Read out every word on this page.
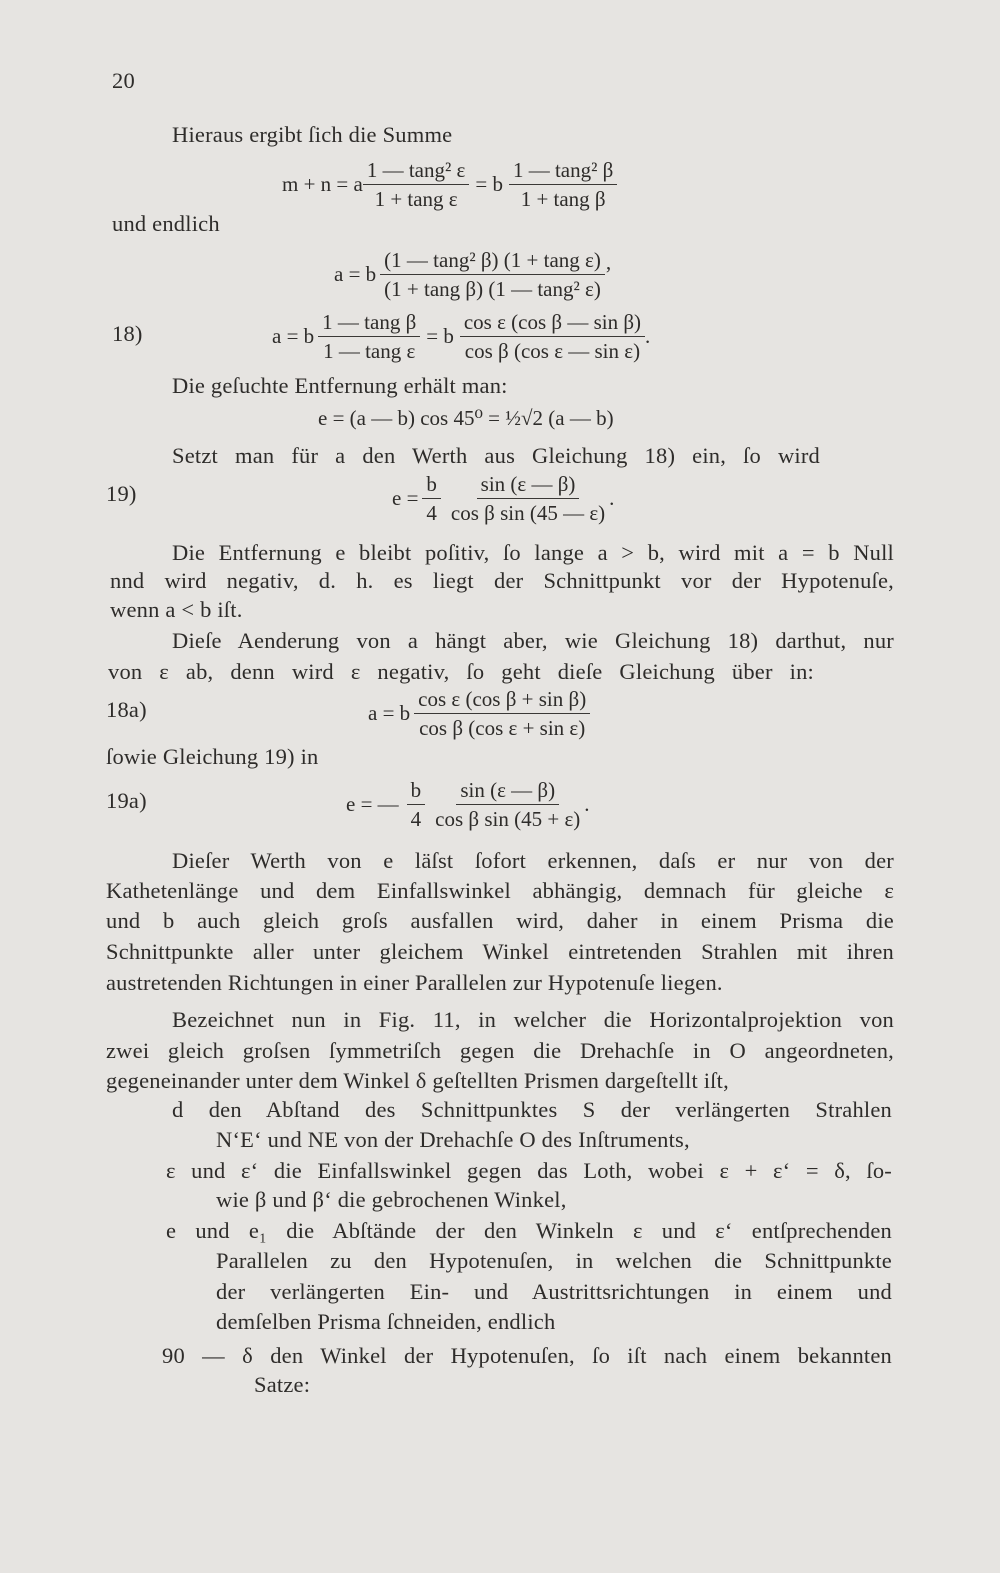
20
Hieraus ergibt ſich die Summe
m + n = a $\frac{\text{1 — tang² ε}}{\text{1 + tang ε}} = b \frac{\text{1 — tang² β}}{\text{1 + tang β}}$
und endlich
a = b $\frac{\text{(1 — tang² β) (1 + tang ε)}}{\text{(1 + tang β) (1 — tang² ε)}}$ ’
18)	a = b $\frac{\text{1 — tang β}}{\text{1 — tang ε}} = b \frac{\text{cos ε (cos β — sin β)}}{\text{cos β (cos ε — sin ε)}}$ .
Die geſuchte Entfernung erhält man:
e = (a — b) cos 45⁰ = ½√2 (a — b)
Setzt man für a den Werth aus Gleichung 18) ein, ſo wird
19)	$e = \frac{b}{4} \frac{\sin (\varepsilon — \beta)}{\text{cos β sin (45 — ε)}}$ .
Die Entfernung e bleibt poſitiv, ſo lange a > b, wird mit a = b Null
nnd wird negativ, d. h. es liegt der Schnittpunkt vor der Hypotenuſe,
wenn a < b iſt.
Dieſe Aenderung von a hängt aber, wie Gleichung 18) darthut, nur
von ε ab, denn wird ε negativ, ſo geht dieſe Gleichung über in:
18a)	a = b $\frac{\text{cos ε (cos β + sin β)}}{\text{cos β (cos ε + sin ε)}}$
ſowie Gleichung 19) in
19a)	e = — $\frac{b}{4} \frac{\sin (\varepsilon — \beta)}{\text{cos β sin (45 + ε)}}$ .
Dieſer Werth von e läſst ſofort erkennen, daſs er nur von der
Kathetenlänge und dem Einfallswinkel abhängig, demnach für gleiche ε
und b auch gleich groſs ausfallen wird, daher in einem Prisma die
Schnittpunkte aller unter gleichem Winkel eintretenden Strahlen mit ihren
austretenden Richtungen in einer Parallelen zur Hypotenuſe liegen.
Bezeichnet nun in Fig. 11, in welcher die Horizontalprojektion von
zwei gleich groſsen ſymmetriſch gegen die Drehachſe in O angeordneten,
gegeneinander unter dem Winkel δ geſtellten Prismen dargeſtellt iſt,
d den Abſtand des Schnittpunktes S der verlängerten Strahlen
N‘E‘ und NE von der Drehachſe O des Inſtruments,
ε und ε‘ die Einfallswinkel gegen das Loth, wobei ε + ε‘ = δ, ſo-
wie β und β‘ die gebrochenen Winkel,
e und e₁ die Abſtände der den Winkeln ε und ε‘ entſprechenden
Parallelen zu den Hypotenuſen, in welchen die Schnittpunkte
der verlängerten Ein- und Austrittsrichtungen in einem und
demſelben Prisma ſchneiden, endlich
90 — δ den Winkel der Hypotenuſen, ſo iſt nach einem bekannten
Satze:
